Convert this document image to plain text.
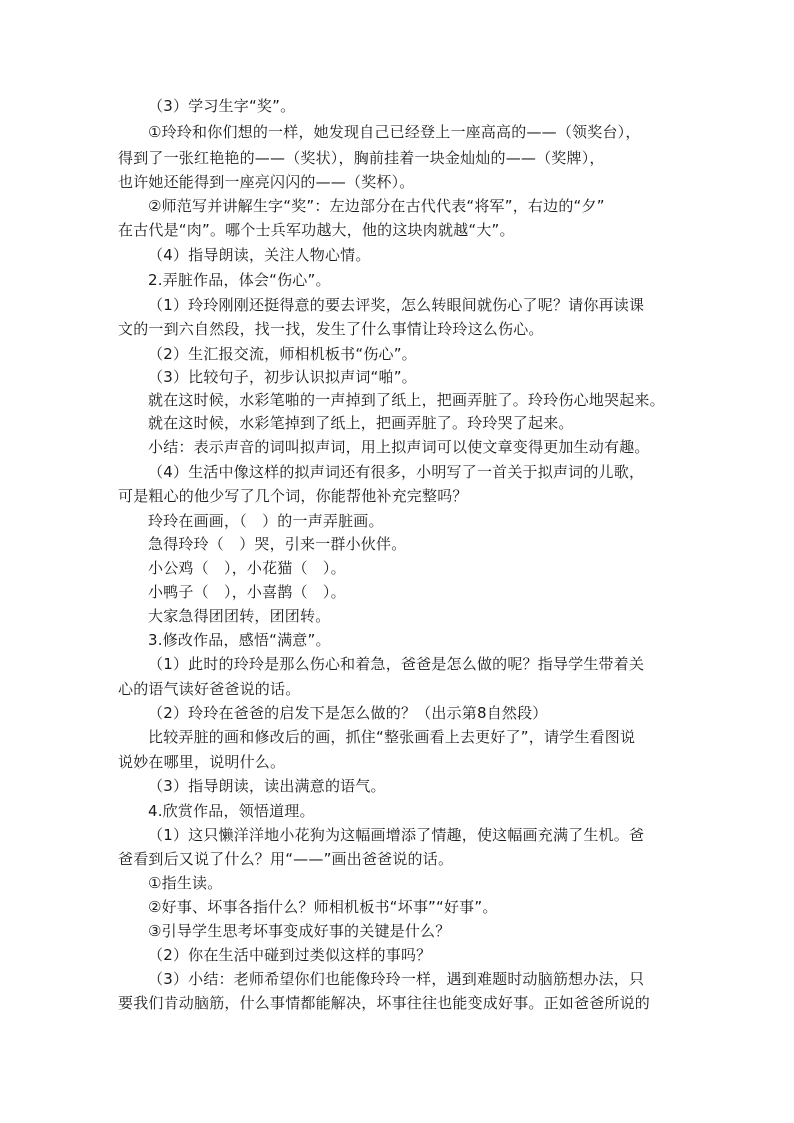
（3）学习生字“奖”。
①玲玲和你们想的一样，她发现自己已经登上一座高高的——（领奖台），
得到了一张红艳艳的——（奖状），胸前挂着一块金灿灿的——（奖牌），
也许她还能得到一座亮闪闪的——（奖杯）。
②师范写并讲解生字“奖”：左边部分在古代代表“将军”，右边的“夕”
在古代是“肉”。哪个士兵军功越大，他的这块肉就越“大”。
（4）指导朗读，关注人物心情。
2.弄脏作品，体会“伤心”。
（1）玲玲刚刚还挺得意的要去评奖，怎么转眼间就伤心了呢？请你再读课
文的一到六自然段，找一找，发生了什么事情让玲玲这么伤心。
（2）生汇报交流，师相机板书“伤心”。
（3）比较句子，初步认识拟声词“啪”。
就在这时候，水彩笔啪的一声掉到了纸上，把画弄脏了。玲玲伤心地哭起来。
就在这时候，水彩笔掉到了纸上，把画弄脏了。玲玲哭了起来。
小结：表示声音的词叫拟声词，用上拟声词可以使文章变得更加生动有趣。
（4）生活中像这样的拟声词还有很多，小明写了一首关于拟声词的儿歌，
可是粗心的他少写了几个词，你能帮他补充完整吗？
玲玲在画画，（　）的一声弄脏画。
急得玲玲（　）哭，引来一群小伙伴。
小公鸡（　），小花猫（　）。
小鸭子（　），小喜鹊（　）。
大家急得团团转，团团转。
3.修改作品，感悟“满意”。
（1）此时的玲玲是那么伤心和着急，爸爸是怎么做的呢？指导学生带着关
心的语气读好爸爸说的话。
（2）玲玲在爸爸的启发下是怎么做的？（出示第8自然段）
比较弄脏的画和修改后的画，抓住“整张画看上去更好了”，请学生看图说
说妙在哪里，说明什么。
（3）指导朗读，读出满意的语气。
4.欣赏作品，领悟道理。
（1）这只懒洋洋地小花狗为这幅画增添了情趣，使这幅画充满了生机。爸
爸看到后又说了什么？用“——”画出爸爸说的话。
①指生读。
②好事、坏事各指什么？师相机板书“坏事”“好事”。
③引导学生思考坏事变成好事的关键是什么？
（2）你在生活中碰到过类似这样的事吗？
（3）小结：老师希望你们也能像玲玲一样，遇到难题时动脑筋想办法，只
要我们肯动脑筋，什么事情都能解决，坏事往往也能变成好事。正如爸爸所说的
